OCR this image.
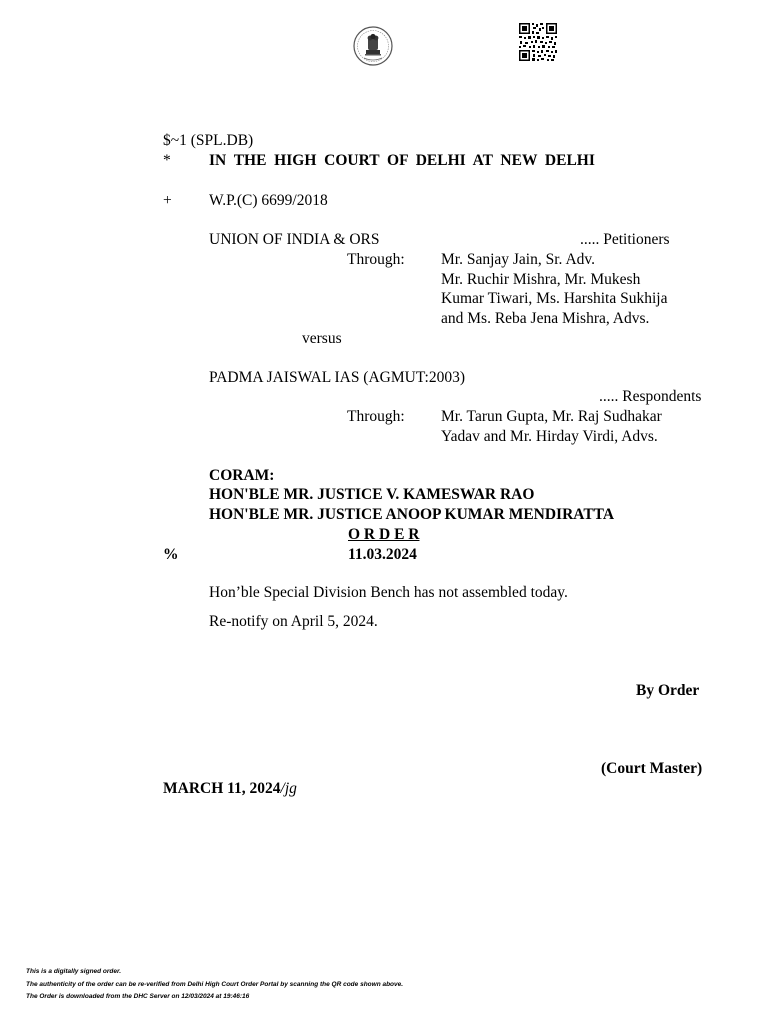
$~1 (SPL.DB)
* IN  THE  HIGH  COURT  OF  DELHI  AT  NEW  DELHI
+ W.P.(C) 6699/2018
UNION OF INDIA & ORS	..... Petitioners
Through: Mr. Sanjay Jain, Sr. Adv.
Mr. Ruchir Mishra, Mr. Mukesh
Kumar Tiwari, Ms. Harshita Sukhija
and Ms. Reba Jena Mishra, Advs.
versus
PADMA JAISWAL IAS (AGMUT:2003)
..... Respondents
Through: Mr. Tarun Gupta, Mr. Raj Sudhakar
Yadav and Mr. Hirday Virdi, Advs.
CORAM:
HON'BLE MR. JUSTICE V. KAMESWAR RAO
HON'BLE MR. JUSTICE ANOOP KUMAR MENDIRATTA
O R D E R
%	11.03.2024
Hon’ble Special Division Bench has not assembled today.
Re-notify on April 5, 2024.
By Order
(Court Master)
MARCH 11, 2024/jg
This is a digitally signed order.
The authenticity of the order can be re-verified from Delhi High Court Order Portal by scanning the QR code shown above.
The Order is downloaded from the DHC Server on 12/03/2024 at 19:46:16
